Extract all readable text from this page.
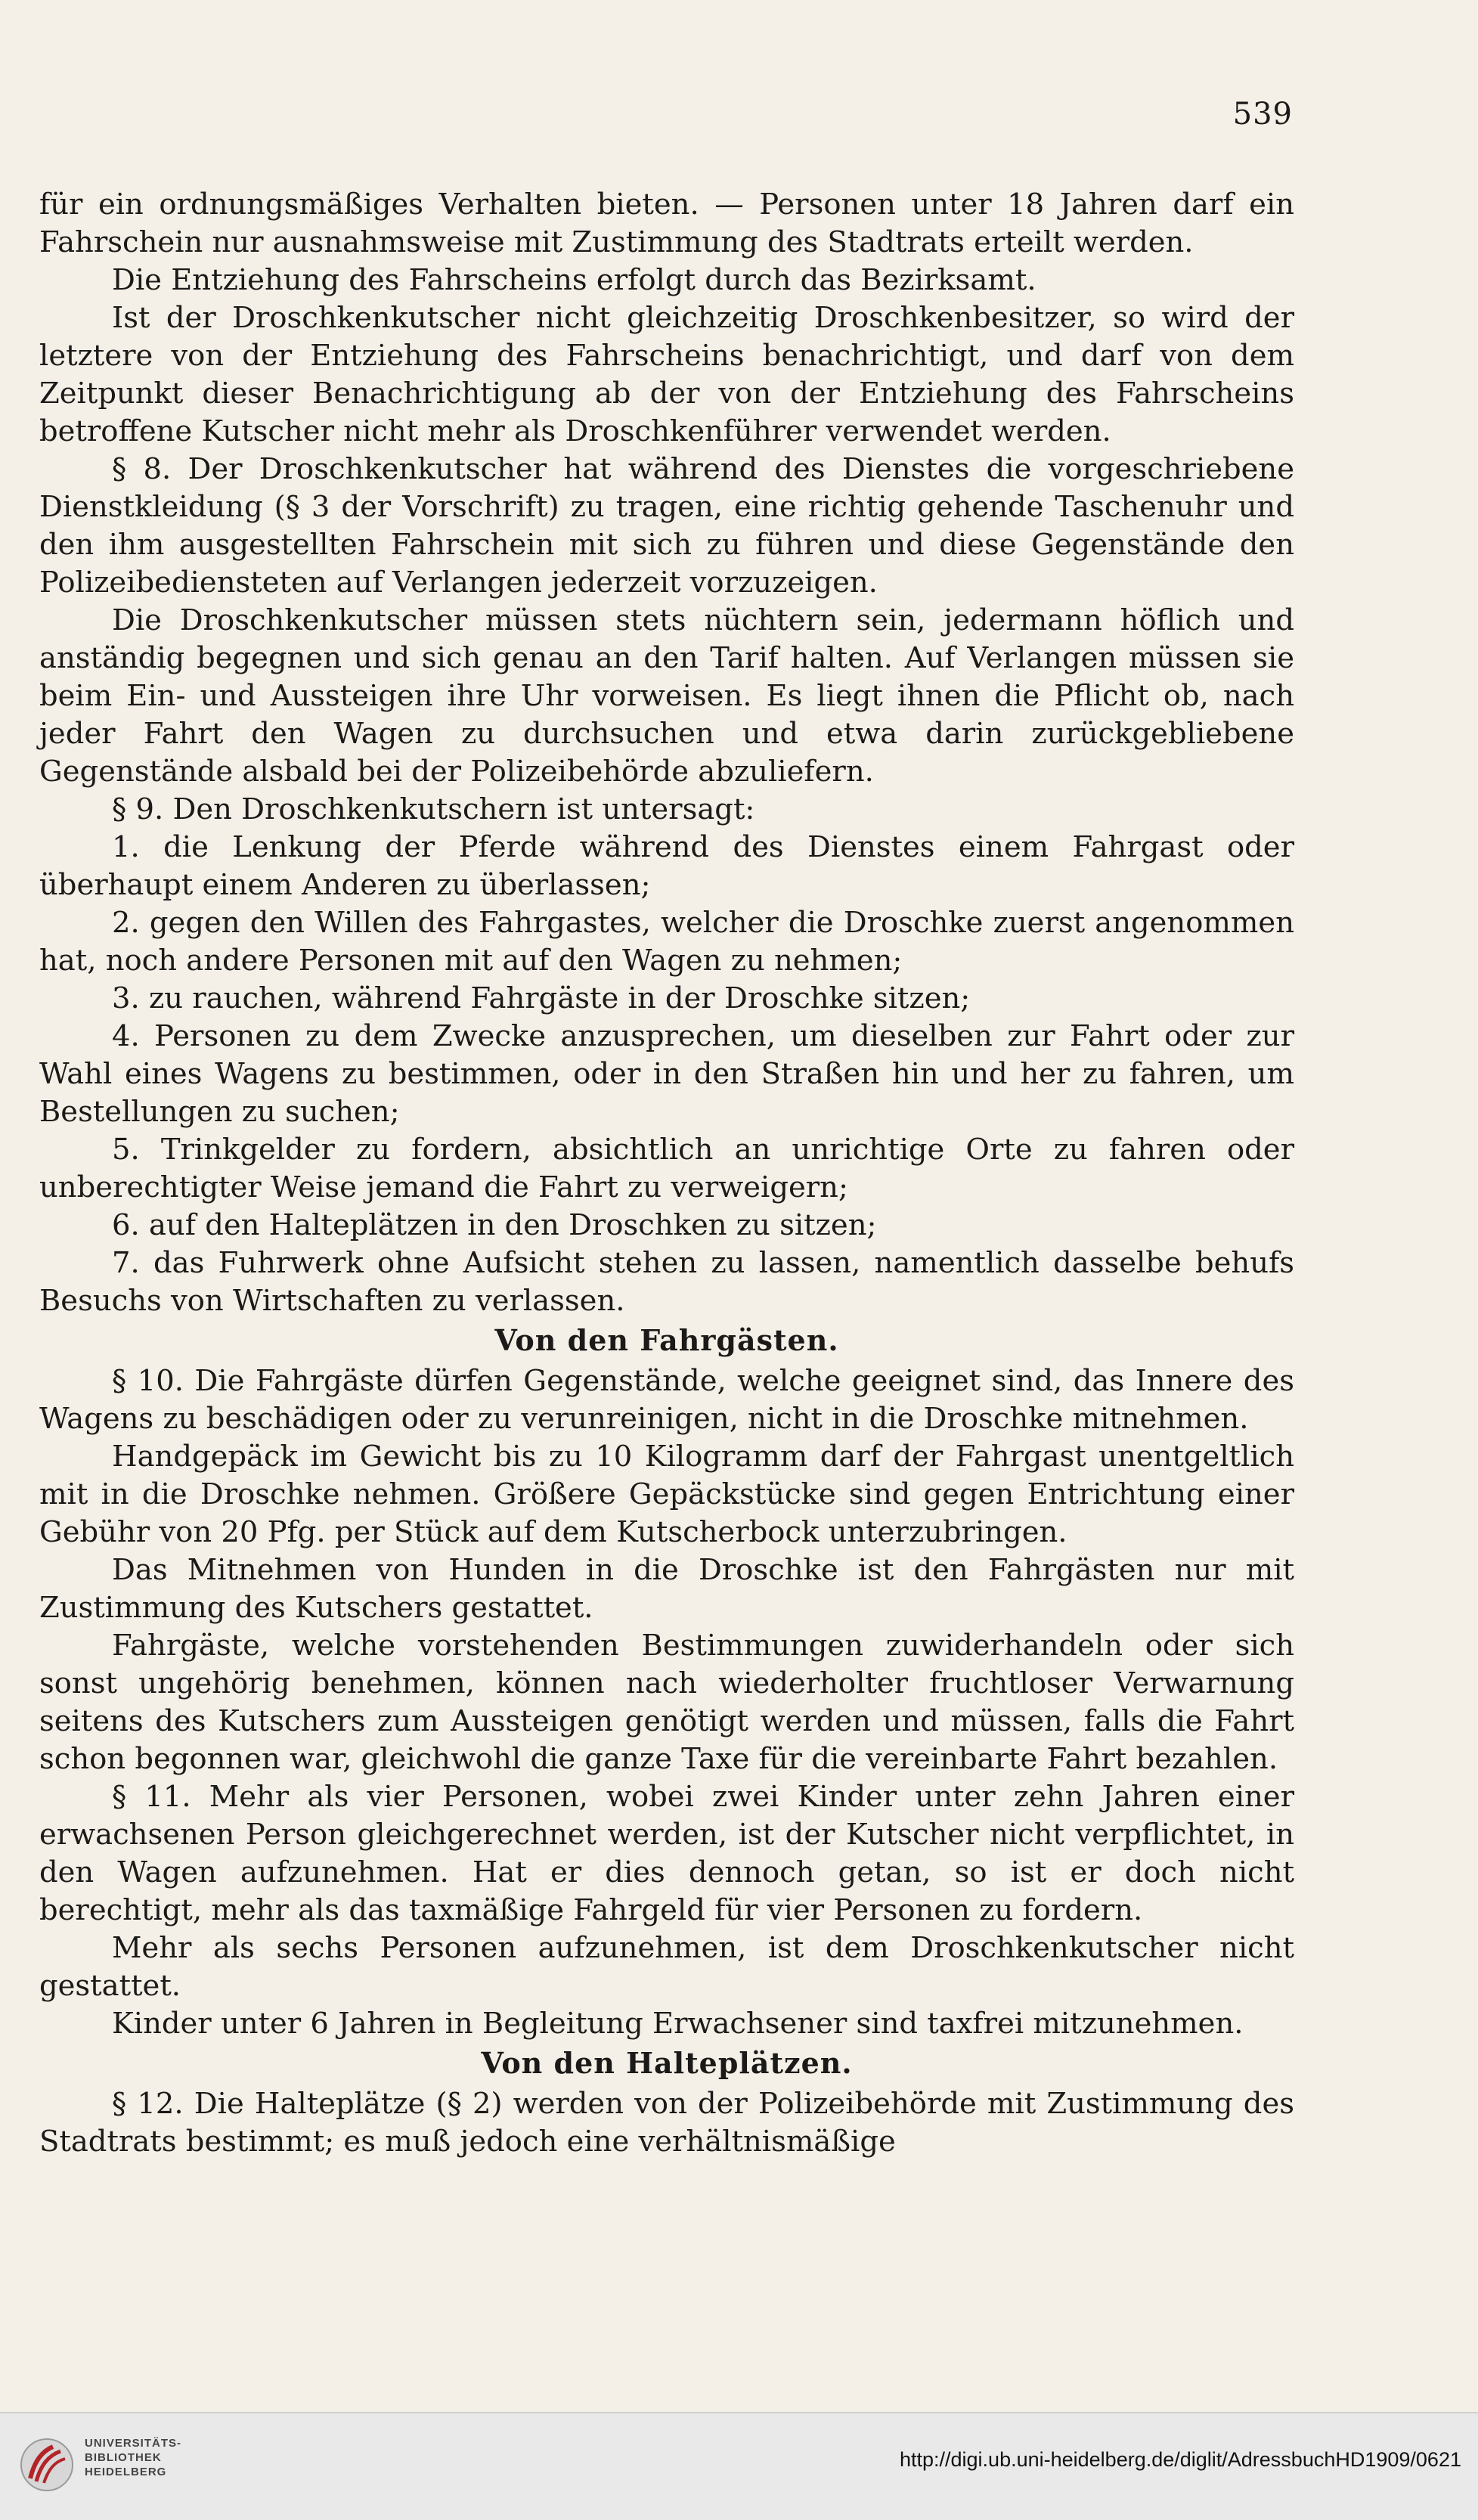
539

für ein ordnungsmäßiges Verhalten bieten. — Personen unter 18 Jahren darf ein Fahrschein nur ausnahmsweise mit Zustimmung des Stadtrats erteilt werden.

Die Entziehung des Fahrscheins erfolgt durch das Bezirksamt.

Ist der Droschkenkutscher nicht gleichzeitig Droschkenbesitzer, so wird der letztere von der Entziehung des Fahrscheins benachrichtigt, und darf von dem Zeitpunkt dieser Benachrichtigung ab der von der Entziehung des Fahrscheins betroffene Kutscher nicht mehr als Droschkenführer verwendet werden.

§ 8. Der Droschkenkutscher hat während des Dienstes die vorgeschriebene Dienstkleidung (§ 3 der Vorschrift) zu tragen, eine richtig gehende Taschenuhr und den ihm ausgestellten Fahrschein mit sich zu führen und diese Gegenstände den Polizeibediensteten auf Verlangen jederzeit vorzuzeigen.

Die Droschkenkutscher müssen stets nüchtern sein, jedermann höflich und anständig begegnen und sich genau an den Tarif halten. Auf Verlangen müssen sie beim Ein- und Aussteigen ihre Uhr vorweisen. Es liegt ihnen die Pflicht ob, nach jeder Fahrt den Wagen zu durchsuchen und etwa darin zurückgebliebene Gegenstände alsbald bei der Polizeibehörde abzuliefern.

§ 9. Den Droschkenkutschern ist untersagt:

1. die Lenkung der Pferde während des Dienstes einem Fahrgast oder überhaupt einem Anderen zu überlassen;

2. gegen den Willen des Fahrgastes, welcher die Droschke zuerst angenommen hat, noch andere Personen mit auf den Wagen zu nehmen;

3. zu rauchen, während Fahrgäste in der Droschke sitzen;

4. Personen zu dem Zwecke anzusprechen, um dieselben zur Fahrt oder zur Wahl eines Wagens zu bestimmen, oder in den Straßen hin und her zu fahren, um Bestellungen zu suchen;

5. Trinkgelder zu fordern, absichtlich an unrichtige Orte zu fahren oder unberechtigter Weise jemand die Fahrt zu verweigern;

6. auf den Halteplätzen in den Droschken zu sitzen;

7. das Fuhrwerk ohne Aufsicht stehen zu lassen, namentlich dasselbe behufs Besuchs von Wirtschaften zu verlassen.

Von den Fahrgästen.

§ 10. Die Fahrgäste dürfen Gegenstände, welche geeignet sind, das Innere des Wagens zu beschädigen oder zu verunreinigen, nicht in die Droschke mitnehmen.

Handgepäck im Gewicht bis zu 10 Kilogramm darf der Fahrgast unentgeltlich mit in die Droschke nehmen. Größere Gepäckstücke sind gegen Entrichtung einer Gebühr von 20 Pfg. per Stück auf dem Kutscherbock unterzubringen.

Das Mitnehmen von Hunden in die Droschke ist den Fahrgästen nur mit Zustimmung des Kutschers gestattet.

Fahrgäste, welche vorstehenden Bestimmungen zuwiderhandeln oder sich sonst ungehörig benehmen, können nach wiederholter fruchtloser Verwarnung seitens des Kutschers zum Aussteigen genötigt werden und müssen, falls die Fahrt schon begonnen war, gleichwohl die ganze Taxe für die vereinbarte Fahrt bezahlen.

§ 11. Mehr als vier Personen, wobei zwei Kinder unter zehn Jahren einer erwachsenen Person gleichgerechnet werden, ist der Kutscher nicht verpflichtet, in den Wagen aufzunehmen. Hat er dies dennoch getan, so ist er doch nicht berechtigt, mehr als das taxmäßige Fahrgeld für vier Personen zu fordern.

Mehr als sechs Personen aufzunehmen, ist dem Droschkenkutscher nicht gestattet.

Kinder unter 6 Jahren in Begleitung Erwachsener sind taxfrei mitzunehmen.

Von den Halteplätzen.

§ 12. Die Halteplätze (§ 2) werden von der Polizeibehörde mit Zustimmung des Stadtrats bestimmt; es muß jedoch eine verhältnismäßige

UNIVERSITÄTS-
BIBLIOTHEK
HEIDELBERG
http://digi.ub.uni-heidelberg.de/diglit/AdressbuchHD1909/0621
